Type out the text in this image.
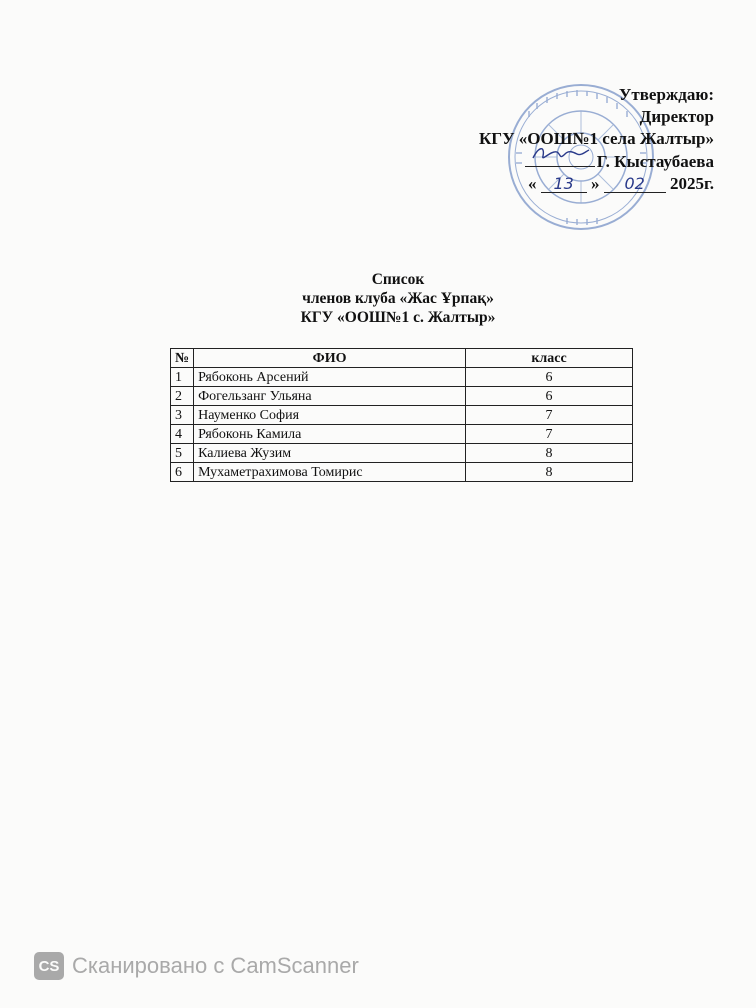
Утверждаю:
Директор
КГУ «ООШ№1 села Жалтыр»
Г. Кыстаубаева
« 13 » 02 2025г.
Список
членов клуба «Жас Ұрпақ»
КГУ «ООШ№1 с. Жалтыр»
№	ФИО	класс
1	Рябоконь Арсений	6
2	Фогельзанг Ульяна	6
3	Науменко София	7
4	Рябоконь Камила	7
5	Калиева Жузим	8
6	Мухаметрахимова Томирис	8
CS Сканировано с CamScanner
